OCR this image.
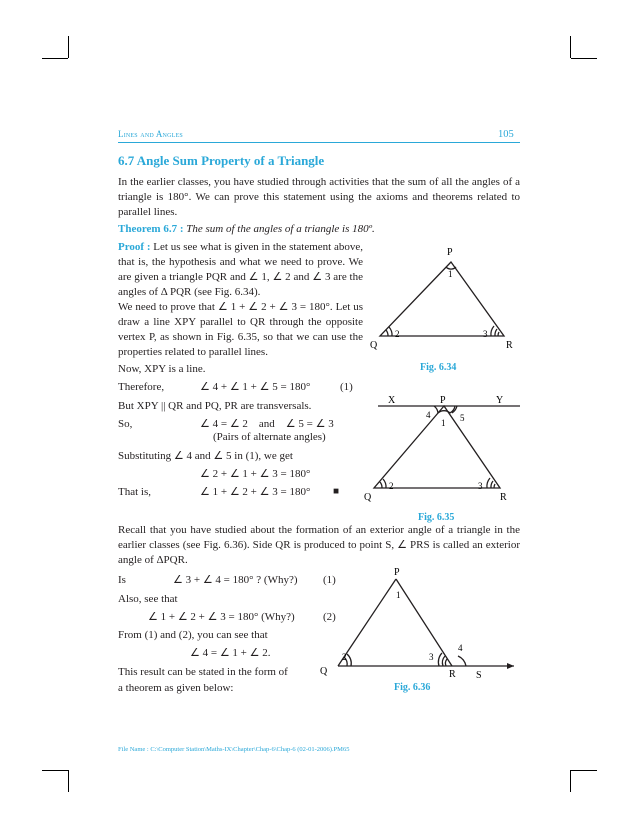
Lines and Angles	105
6.7 Angle Sum Property of a Triangle
In the earlier classes, you have studied through activities that the sum of all the angles of a triangle is 180°. We can prove this statement using the axioms and theorems related to parallel lines.
Theorem 6.7 : The sum of the angles of a triangle is 180º.
Proof : Let us see what is given in the statement above, that is, the hypothesis and what we need to prove. We are given a triangle PQR and ∠ 1, ∠ 2 and ∠ 3 are the angles of Δ PQR (see Fig. 6.34).
We need to prove that ∠ 1 + ∠ 2 + ∠ 3 = 180°. Let us draw a line XPY parallel to QR through the opposite vertex P, as shown in Fig. 6.35, so that we can use the properties related to parallel lines.
Now, XPY is a line.
Therefore,	∠ 4 + ∠ 1 + ∠ 5 = 180°	(1)
But XPY || QR and PQ, PR are transversals.
So,	∠ 4 = ∠ 2    and    ∠ 5 = ∠ 3
(Pairs of alternate angles)
Substituting ∠ 4 and ∠ 5 in (1), we get
∠ 2 + ∠ 1 + ∠ 3 = 180°
That is,	∠ 1 + ∠ 2 + ∠ 3 = 180° ■
Recall that you have studied about the formation of an exterior angle of a triangle in the earlier classes (see Fig. 6.36). Side QR is produced to point S, ∠ PRS is called an exterior angle of ΔPQR.
Is	∠ 3 + ∠ 4 = 180° ? (Why?) (1)
Also, see that
∠ 1 + ∠ 2 + ∠ 3 = 180° (Why?)	(2)
From (1) and (2), you can see that
∠ 4 = ∠ 1 + ∠ 2.
This result can be stated in the form of
a theorem as given below:
P
Q	R
1
2	3
Fig. 6.34
X	P	Y
Q	R
1
4	5
2	3
Fig. 6.35
P
Q	R S
1
2	3
4
Fig. 6.36
File Name : C:\Computer Station\Maths-IX\Chapter\Chap-6\Chap-6 (02-01-2006).PM65
